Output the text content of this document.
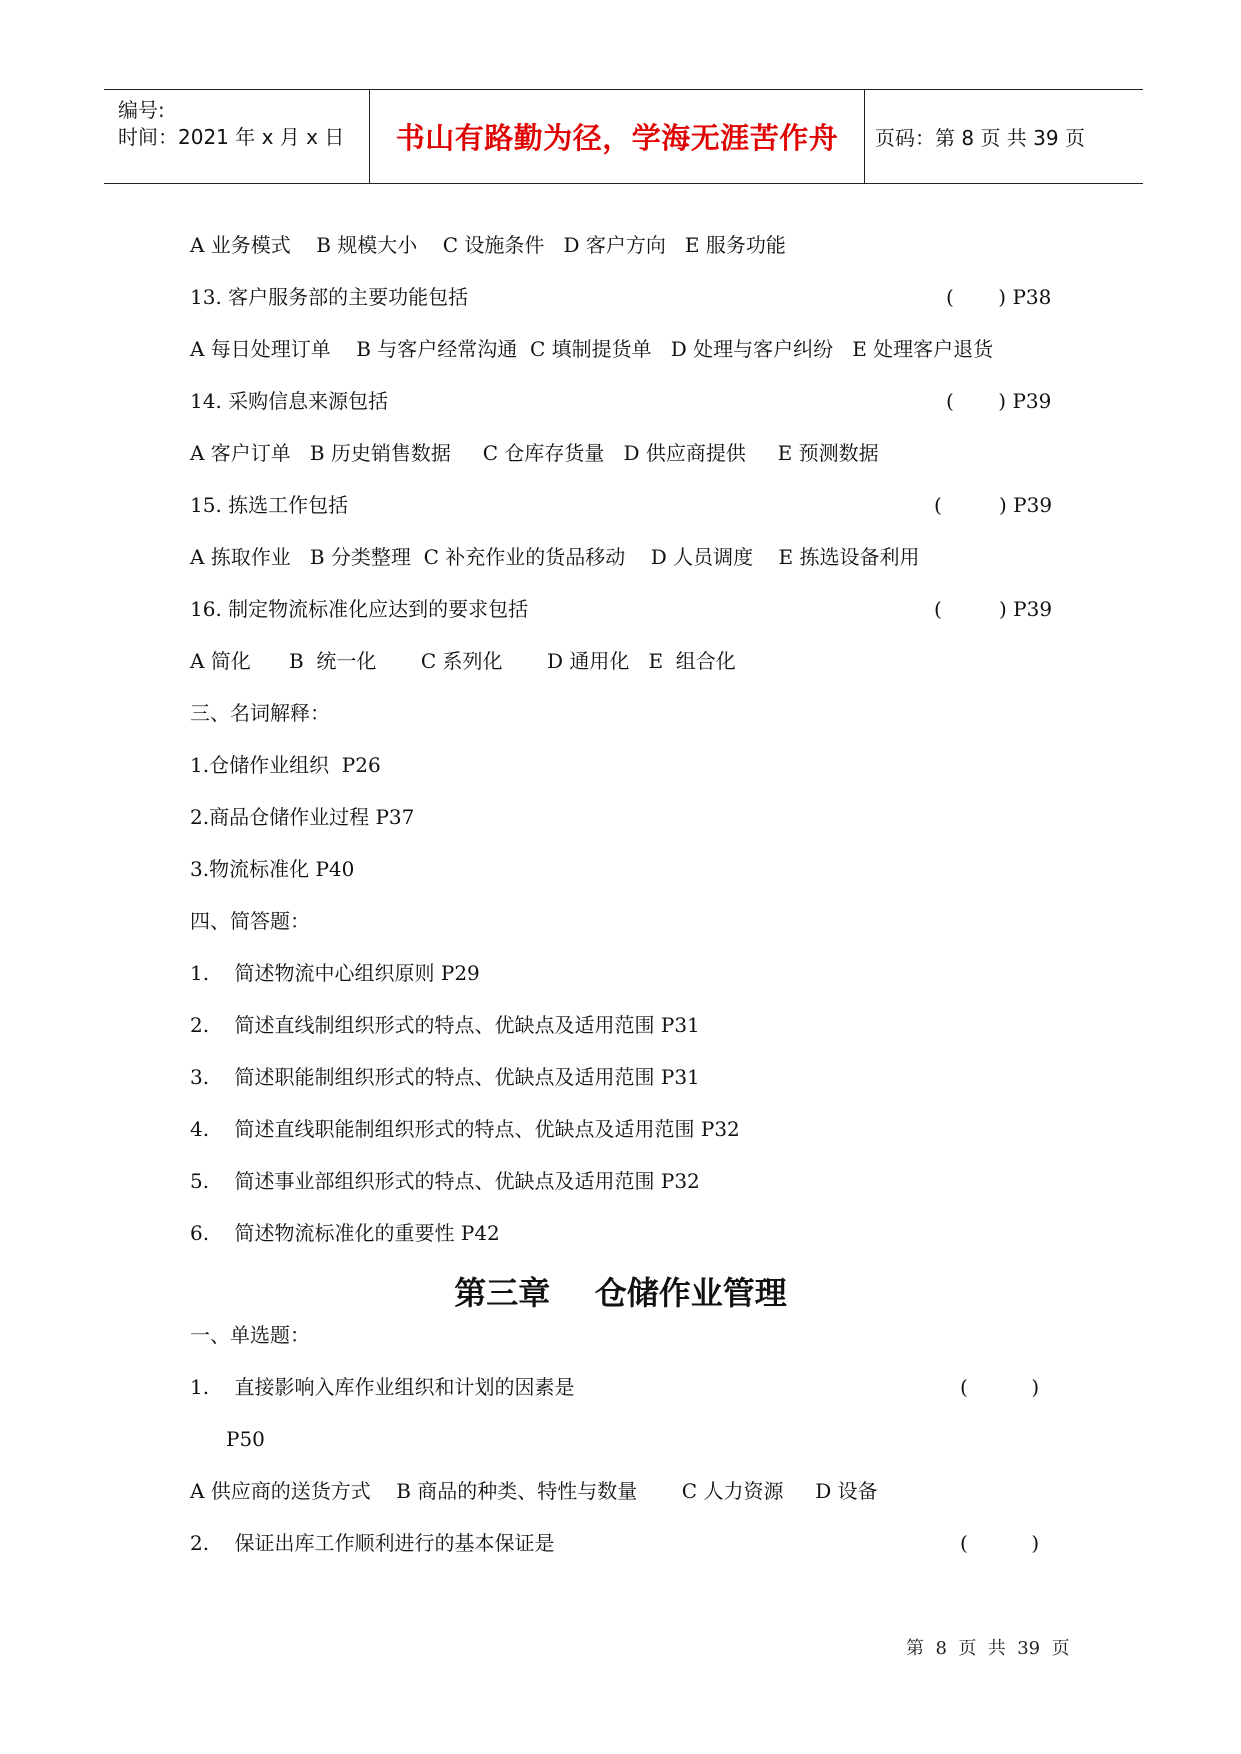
编号:
时间：2021 年 x 月 x 日 书山有路勤为径，学海无涯苦作舟 页码：第 8 页 共 39 页
A 业务模式    B 规模大小    C 设施条件   D 客户方向   E 服务功能
13. 客户服务部的主要功能包括	(       ) P38
A 每日处理订单    B 与客户经常沟通  C 填制提货单   D 处理与客户纠纷   E 处理客户退货
14. 采购信息来源包括	(       ) P39
A 客户订单   B 历史销售数据     C 仓库存货量   D 供应商提供     E 预测数据
15. 拣选工作包括	(         ) P39
A 拣取作业   B 分类整理  C 补充作业的货品移动    D 人员调度    E 拣选设备利用
16. 制定物流标准化应达到的要求包括	(         ) P39
A 简化      B  统一化       C 系列化       D 通用化   E  组合化
三、名词解释：
1.仓储作业组织  P26
2.商品仓储作业过程 P37
3.物流标准化 P40
四、简答题：
1.    简述物流中心组织原则 P29
2.    简述直线制组织形式的特点、优缺点及适用范围 P31
3.    简述职能制组织形式的特点、优缺点及适用范围 P31
4.    简述直线职能制组织形式的特点、优缺点及适用范围 P32
5.    简述事业部组织形式的特点、优缺点及适用范围 P32
6.    简述物流标准化的重要性 P42
第三章    仓储作业管理
一、单选题：
1.    直接影响入库作业组织和计划的因素是	(          )
P50
A 供应商的送货方式    B 商品的种类、特性与数量       C 人力资源     D 设备
2.    保证出库工作顺利进行的基本保证是	(          )
第  8  页  共  39  页
